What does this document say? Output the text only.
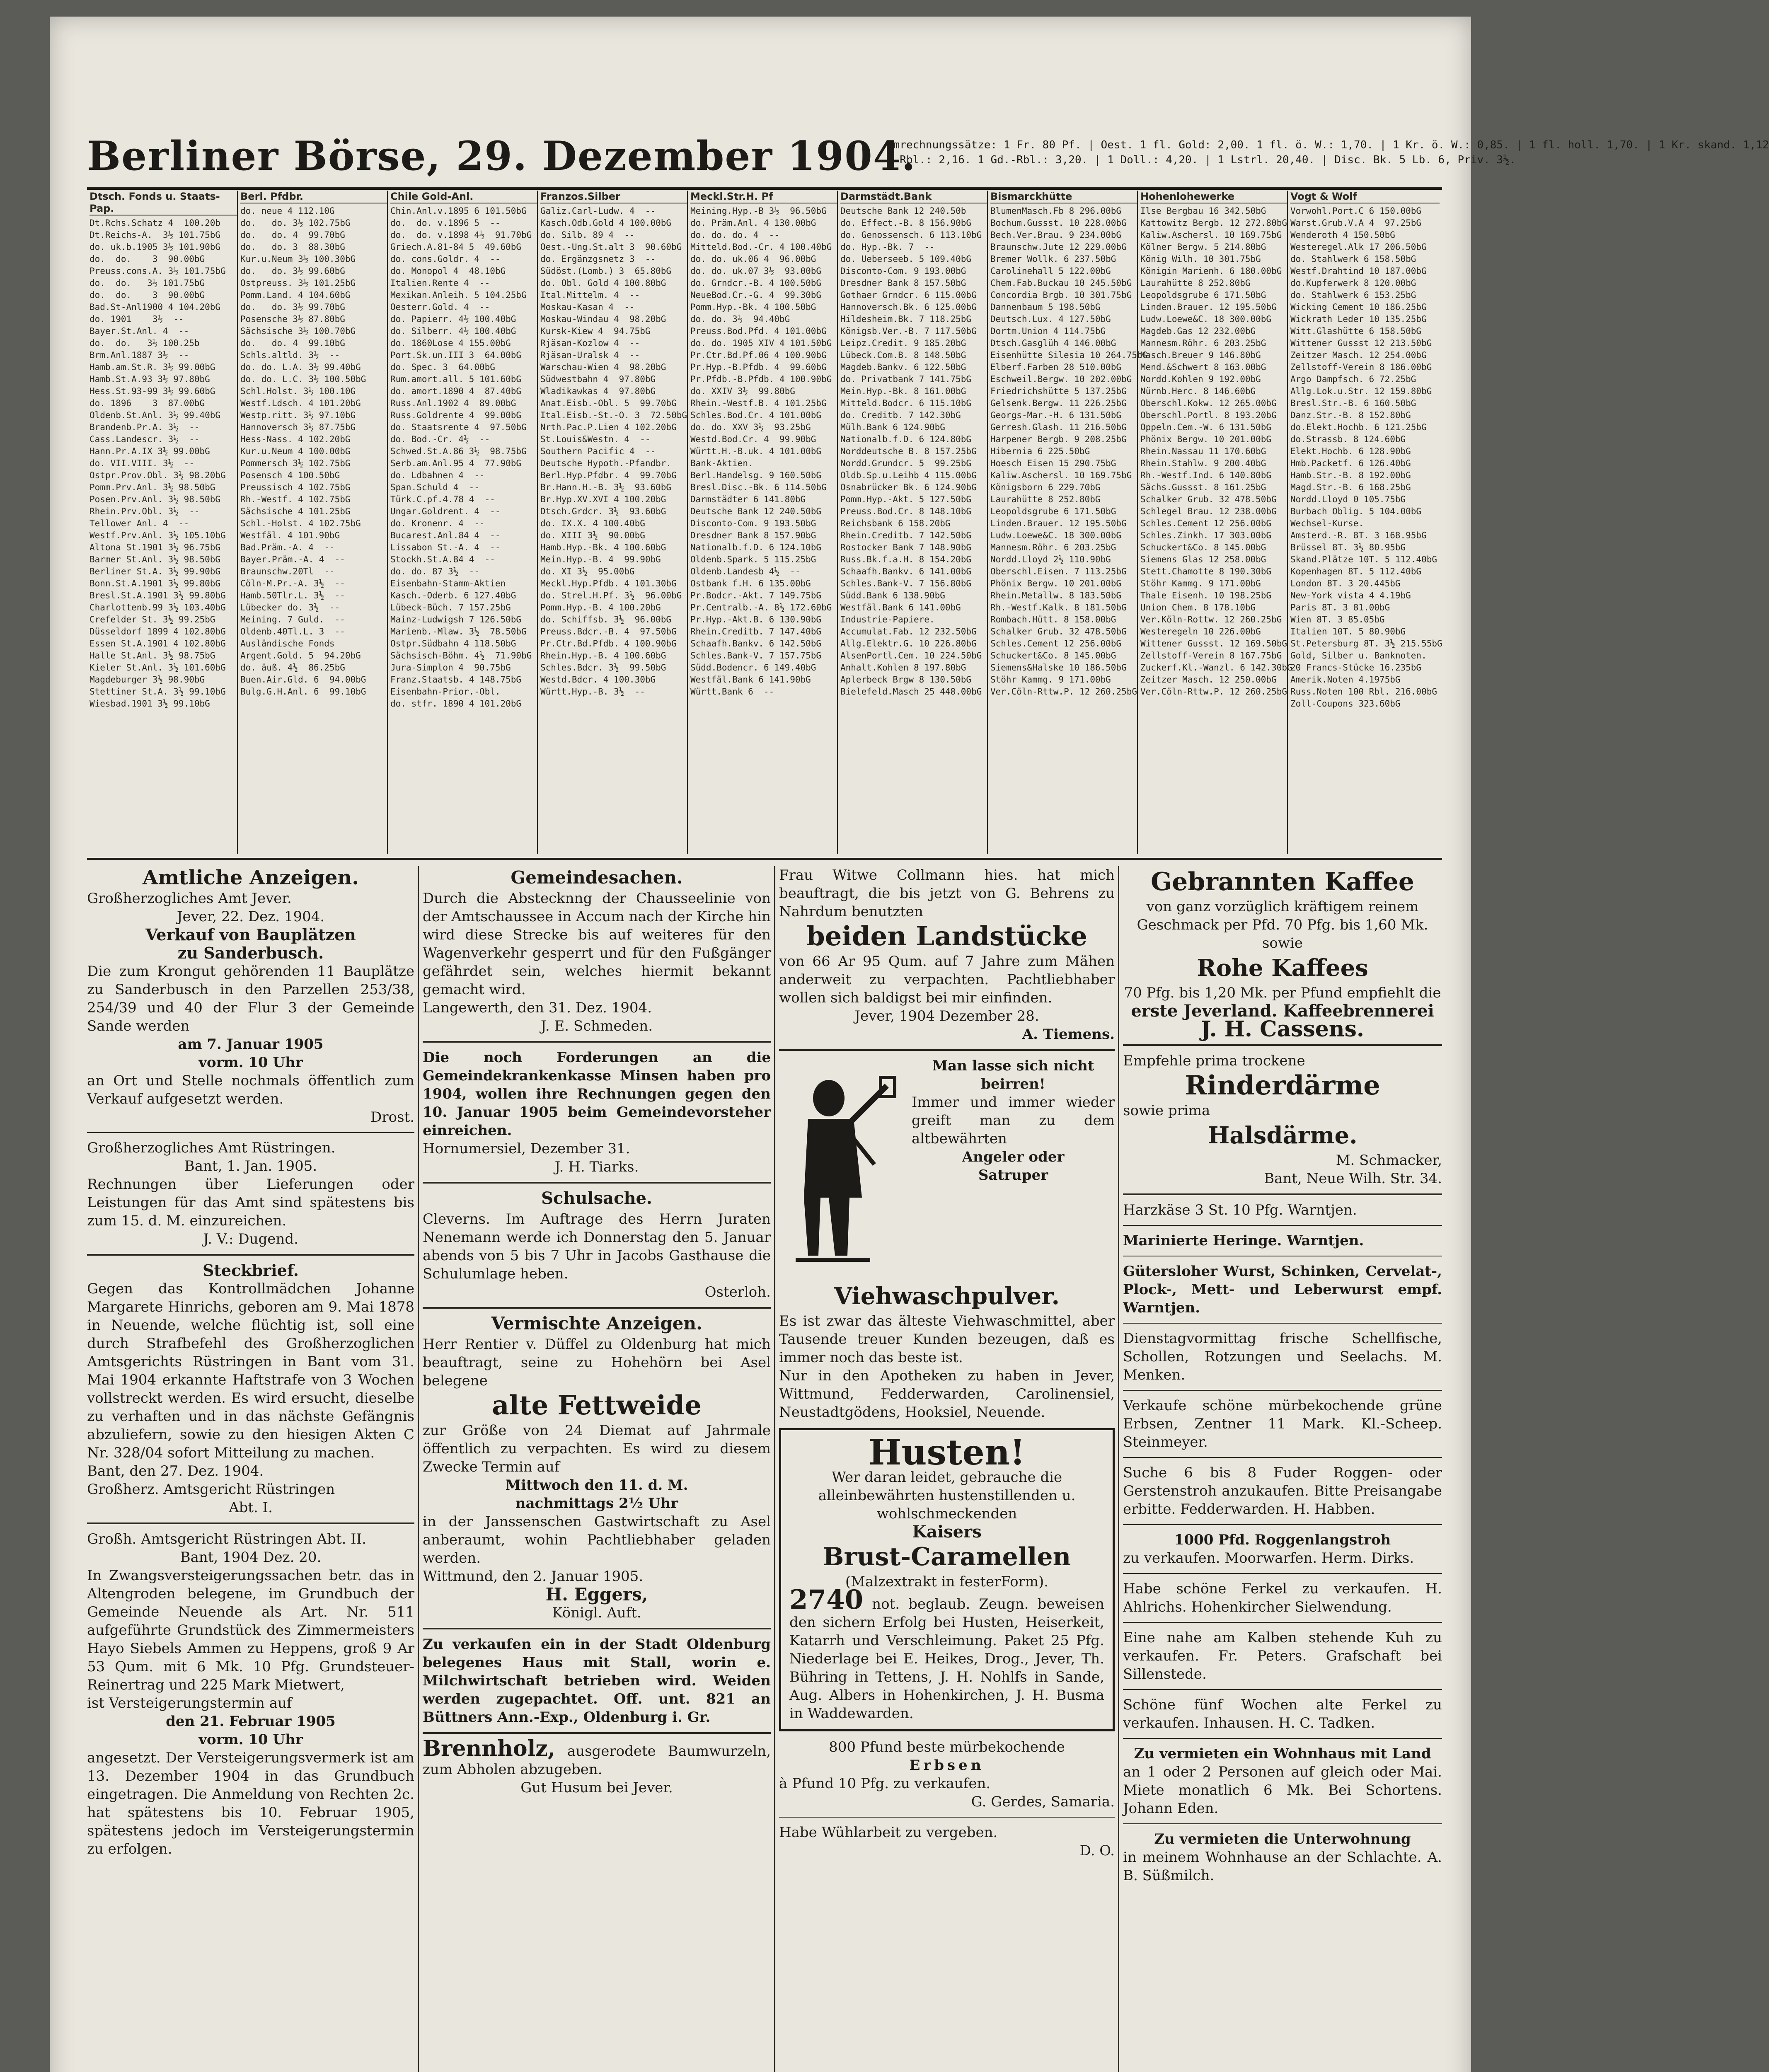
Berliner Börse, 29. Dezember 1904.
Umrechnungssätze: 1 Fr. 80 Pf. | Oest. 1 fl. Gold: 2,00. 1 fl. ö. W.: 1,70. | 1 Kr. ö. W.: 0,85. | 1 fl. holl. 1,70. | 1 Kr. skand. 1,12
1 Rbl.: 2,16. 1 Gd.-Rbl.: 3,20. | 1 Doll.: 4,20. | 1 Lstrl. 20,40. | Disc. Bk. 5 Lb. 6, Priv. 3½.
Dtsch. Fonds u. Staats-Pap.
Dt.Rchs.Schatz 4  100.20b
Dt.Reichs-A.  3½ 101.75bG
do. uk.b.1905 3½ 101.90bG
do.  do.    3  90.00bG
Preuss.cons.A. 3½ 101.75bG
do.  do.   3½ 101.75bG
do.  do.    3  90.00bG
Bad.St-Anl1900 4 104.20bG
do. 1901    3½  --
Bayer.St.Anl. 4  --
do.  do.   3½ 100.25b
Brm.Anl.1887 3½  --
Hamb.am.St.R. 3½ 99.00bG
Hamb.St.A.93 3½ 97.80bG
Hess.St.93-99 3½ 99.60bG
do. 1896    3  87.00bG
Oldenb.St.Anl. 3½ 99.40bG
Brandenb.Pr.A. 3½  --
Cass.Landescr. 3½  --
Hann.Pr.A.IX 3½ 99.00bG
do. VII.VIII. 3½  --
Ostpr.Prov.Obl. 3½ 98.20bG
Pomm.Prv.Anl. 3½ 98.50bG
Posen.Prv.Anl. 3½ 98.50bG
Rhein.Prv.Obl. 3½  --
Tellower Anl. 4  --
Westf.Prv.Anl. 3½ 105.10bG
Altona St.1901 3½ 96.75bG
Barmer St.Anl. 3½ 98.50bG
Berliner St.A. 3½ 99.90bG
Bonn.St.A.1901 3½ 99.80bG
Bresl.St.A.1901 3½ 99.80bG
Charlottenb.99 3½ 103.40bG
Crefelder St. 3½ 99.25bG
Düsseldorf 1899 4 102.80bG
Essen St.A.1901 4 102.80bG
Halle St.Anl. 3½ 98.75bG
Kieler St.Anl. 3½ 101.60bG
Magdeburger 3½ 98.90bG
Stettiner St.A. 3½ 99.10bG
Wiesbad.1901 3½ 99.10bG
Berl. Pfdbr.
do. neue 4 112.10G
do.   do. 3½ 102.75bG
do.   do. 4  99.70bG
do.   do. 3  88.30bG
Kur.u.Neum 3½ 100.30bG
do.   do. 3½ 99.60bG
Ostpreuss. 3½ 101.25bG
Pomm.Land. 4 104.60bG
do.   do. 3½ 99.70bG
Posensche 3½ 87.80bG
Sächsische 3½ 100.70bG
do.   do. 4  99.10bG
Schls.altld. 3½  --
do. do. L.A. 3½ 99.40bG
do. do. L.C. 3½ 100.50bG
Schl.Holst. 3½ 100.10G
Westf.Ldsch. 4 101.20bG
Westp.ritt. 3½ 97.10bG
Hannoversch 3½ 87.75bG
Hess-Nass. 4 102.20bG
Kur.u.Neum 4 100.00bG
Pommersch 3½ 102.75bG
Posensch 4 100.50bG
Preussisch 4 102.75bG
Rh.-Westf. 4 102.75bG
Sächsische 4 101.25bG
Schl.-Holst. 4 102.75bG
Westfäl. 4 101.90bG
Bad.Präm.-A. 4  --
Bayer.Präm.-A. 4  --
Braunschw.20Tl  --
Cöln-M.Pr.-A. 3½  --
Hamb.50Tlr.L. 3½  --
Lübecker do. 3½  --
Meining. 7 Guld.  --
Oldenb.40Tl.L. 3  --
Ausländische Fonds
Argent.Gold. 5  94.20bG
do. äuß. 4½  86.25bG
Buen.Air.Gld. 6  94.00bG
Bulg.G.H.Anl. 6  99.10bG
Chile Gold-Anl.
Chin.Anl.v.1895 6 101.50bG
do.  do. v.1896 5  --
do.  do. v.1898 4½  91.70bG
Griech.A.81-84 5  49.60bG
do. cons.Goldr. 4  --
do. Monopol 4  48.10bG
Italien.Rente 4  --
Mexikan.Anleih. 5 104.25bG
Oesterr.Gold. 4  --
do. Papierr. 4½ 100.40bG
do. Silberr. 4½ 100.40bG
do. 1860Lose 4 155.00bG
Port.Sk.un.III 3  64.00bG
do. Spec. 3  64.00bG
Rum.amort.all. 5 101.60bG
do. amort.1890 4  87.40bG
Russ.Anl.1902 4  89.00bG
Russ.Goldrente 4  99.00bG
do. Staatsrente 4  97.50bG
do. Bod.-Cr. 4½  --
Schwed.St.A.86 3½  98.75bG
Serb.am.Anl.95 4  77.90bG
do. Ldbahnen 4  --
Span.Schuld 4  --
Türk.C.pf.4.78 4  --
Ungar.Goldrent. 4  --
do. Kronenr. 4  --
Bucarest.Anl.84 4  --
Lissabon St.-A. 4  --
Stockh.St.A.84 4  --
do. do. 87 3½  --
Eisenbahn-Stamm-Aktien
Kasch.-Oderb. 6 127.40bG
Lübeck-Büch. 7 157.25bG
Mainz-Ludwigsh 7 126.50bG
Marienb.-Mlaw. 3½  78.50bG
Ostpr.Südbahn 4 118.50bG
Sächsisch-Böhm. 4½  71.90bG
Jura-Simplon 4  90.75bG
Franz.Staatsb. 4 148.75bG
Eisenbahn-Prior.-Obl.
do. stfr. 1890 4 101.20bG
Franzos.Silber
Galiz.Carl-Ludw. 4  --
Kasch.Odb.Gold 4 100.00bG
do. Silb. 89 4  --
Oest.-Ung.St.alt 3  90.60bG
do. Ergänzgsnetz 3  --
Südöst.(Lomb.) 3  65.80bG
do. Obl. Gold 4 100.80bG
Ital.Mittelm. 4  --
Moskau-Kasan 4  --
Moskau-Windau 4  98.20bG
Kursk-Kiew 4  94.75bG
Rjäsan-Kozlow 4  --
Rjäsan-Uralsk 4  --
Warschau-Wien 4  98.20bG
Südwestbahn 4  97.80bG
Wladikawkas 4  97.80bG
Anat.Eisb.-Obl. 5  99.70bG
Ital.Eisb.-St.-O. 3  72.50bG
Nrth.Pac.P.Lien 4 102.20bG
St.Louis&Westn. 4  --
Southern Pacific 4  --
Deutsche Hypoth.-Pfandbr.
Berl.Hyp.Pfdbr. 4  99.70bG
Br.Hann.H.-B. 3½  93.60bG
Br.Hyp.XV.XVI 4 100.20bG
Dtsch.Grdcr. 3½  93.60bG
do. IX.X. 4 100.40bG
do. XIII 3½  90.00bG
Hamb.Hyp.-Bk. 4 100.60bG
Mein.Hyp.-B. 4  99.90bG
do. XI 3½  95.00bG
Meckl.Hyp.Pfdb. 4 101.30bG
do. Strel.H.Pf. 3½  96.00bG
Pomm.Hyp.-B. 4 100.20bG
do. Schiffsb. 3½  96.00bG
Preuss.Bdcr.-B. 4  97.50bG
Pr.Ctr.Bd.Pfdb. 4 100.90bG
Rhein.Hyp.-B. 4 100.60bG
Schles.Bdcr. 3½  99.50bG
Westd.Bdcr. 4 100.30bG
Württ.Hyp.-B. 3½  --
Meckl.Str.H. Pf
Meining.Hyp.-B 3½  96.50bG
do. Präm.Anl. 4 130.00bG
do. do. do. 4  --
Mitteld.Bod.-Cr. 4 100.40bG
do. do. uk.06 4  96.00bG
do. do. uk.07 3½  93.00bG
do. Grndcr.-B. 4 100.50bG
NeueBod.Cr.-G. 4  99.30bG
Pomm.Hyp.-Bk. 4 100.50bG
do. do. 3½  94.40bG
Preuss.Bod.Pfd. 4 101.00bG
do. do. 1905 XIV 4 101.50bG
Pr.Ctr.Bd.Pf.06 4 100.90bG
Pr.Hyp.-B.Pfdb. 4  99.60bG
Pr.Pfdb.-B.Pfdb. 4 100.90bG
do. XXIV 3½  99.80bG
Rhein.-Westf.B. 4 101.25bG
Schles.Bod.Cr. 4 101.00bG
do. do. XXV 3½  93.25bG
Westd.Bod.Cr. 4  99.90bG
Württ.H.-B.uk. 4 101.00bG
Bank-Aktien.
Berl.Handelsg. 9 160.50bG
Bresl.Disc.-Bk. 6 114.50bG
Darmstädter 6 141.80bG
Deutsche Bank 12 240.50bG
Disconto-Com. 9 193.50bG
Dresdner Bank 8 157.90bG
Nationalb.f.D. 6 124.10bG
Oldenb.Spark. 5 115.25bG
Oldenb.Landesb 4½  --
Ostbank f.H. 6 135.00bG
Pr.Bodcr.-Akt. 7 149.75bG
Pr.Centralb.-A. 8½ 172.60bG
Pr.Hyp.-Akt.B. 6 130.90bG
Rhein.Creditb. 7 147.40bG
Schaafh.Bankv. 6 142.50bG
Schles.Bank-V. 7 157.75bG
Südd.Bodencr. 6 149.40bG
Westfäl.Bank 6 141.90bG
Württ.Bank 6  --
Darmstädt.Bank
Deutsche Bank 12 240.50b
do. Effect.-B. 8 156.90bG
do. Genossensch. 6 113.10bG
do. Hyp.-Bk. 7  --
do. Ueberseeb. 5 109.40bG
Disconto-Com. 9 193.00bG
Dresdner Bank 8 157.50bG
Gothaer Grndcr. 6 115.00bG
Hannoversch.Bk. 6 125.00bG
Hildesheim.Bk. 7 118.25bG
Königsb.Ver.-B. 7 117.50bG
Leipz.Credit. 9 185.20bG
Lübeck.Com.B. 8 148.50bG
Magdeb.Bankv. 6 122.50bG
do. Privatbank 7 141.75bG
Mein.Hyp.-Bk. 8 161.00bG
Mitteld.Bodcr. 6 115.10bG
do. Creditb. 7 142.30bG
Mülh.Bank 6 124.90bG
Nationalb.f.D. 6 124.80bG
Norddeutsche B. 8 157.25bG
Nordd.Grundcr. 5  99.25bG
Oldb.Sp.u.Leihb 4 115.00bG
Osnabrücker Bk. 6 124.90bG
Pomm.Hyp.-Akt. 5 127.50bG
Preuss.Bod.Cr. 8 148.10bG
Reichsbank 6 158.20bG
Rhein.Creditb. 7 142.50bG
Rostocker Bank 7 148.90bG
Russ.Bk.f.a.H. 8 154.20bG
Schaafh.Bankv. 6 141.00bG
Schles.Bank-V. 7 156.80bG
Südd.Bank 6 138.90bG
Westfäl.Bank 6 141.00bG
Industrie-Papiere.
Accumulat.Fab. 12 232.50bG
Allg.Elektr.G. 10 226.80bG
AlsenPortl.Cem. 10 224.50bG
Anhalt.Kohlen 8 197.80bG
Aplerbeck Brgw 8 130.50bG
Bielefeld.Masch 25 448.00bG
Bismarckhütte
BlumenMasch.Fb 8 296.00bG
Bochum.Gussst. 10 228.00bG
Bech.Ver.Brau. 9 234.00bG
Braunschw.Jute 12 229.00bG
Bremer Wollk. 6 237.50bG
Carolinehall 5 122.00bG
Chem.Fab.Buckau 10 245.50bG
Concordia Brgb. 10 301.75bG
Dannenbaum 5 198.50bG
Deutsch.Lux. 4 127.50bG
Dortm.Union 4 114.75bG
Dtsch.Gasglüh 4 146.00bG
Eisenhütte Silesia 10 264.75bG
Elberf.Farben 28 510.00bG
Eschweil.Bergw. 10 202.00bG
Friedrichshütte 5 137.25bG
Gelsenk.Bergw. 11 226.25bG
Georgs-Mar.-H. 6 131.50bG
Gerresh.Glash. 11 216.50bG
Harpener Bergb. 9 208.25bG
Hibernia 6 225.50bG
Hoesch Eisen 15 290.75bG
Kaliw.Aschersl. 10 169.75bG
Königsborn 6 229.70bG
Laurahütte 8 252.80bG
Leopoldsgrube 6 171.50bG
Linden.Brauer. 12 195.50bG
Ludw.Loewe&C. 18 300.00bG
Mannesm.Röhr. 6 203.25bG
Nordd.Lloyd 2½ 110.90bG
Oberschl.Eisen. 7 113.25bG
Phönix Bergw. 10 201.00bG
Rhein.Metallw. 8 183.50bG
Rh.-Westf.Kalk. 8 181.50bG
Rombach.Hütt. 8 158.00bG
Schalker Grub. 32 478.50bG
Schles.Cement 12 256.00bG
Schuckert&Co. 8 145.00bG
Siemens&Halske 10 186.50bG
Stöhr Kammg. 9 171.00bG
Ver.Cöln-Rttw.P. 12 260.25bG
Hohenlohewerke
Ilse Bergbau 16 342.50bG
Kattowitz Bergb. 12 272.80bG
Kaliw.Aschersl. 10 169.75bG
Kölner Bergw. 5 214.80bG
König Wilh. 10 301.75bG
Königin Marienh. 6 180.00bG
Laurahütte 8 252.80bG
Leopoldsgrube 6 171.50bG
Linden.Brauer. 12 195.50bG
Ludw.Loewe&C. 18 300.00bG
Magdeb.Gas 12 232.00bG
Mannesm.Röhr. 6 203.25bG
Masch.Breuer 9 146.80bG
Mend.&Schwert 8 163.00bG
Nordd.Kohlen 9 192.00bG
Nürnb.Herc. 8 146.60bG
Oberschl.Kokw. 12 265.00bG
Oberschl.Portl. 8 193.20bG
Oppeln.Cem.-W. 6 131.50bG
Phönix Bergw. 10 201.00bG
Rhein.Nassau 11 170.60bG
Rhein.Stahlw. 9 200.40bG
Rh.-Westf.Ind. 6 140.80bG
Sächs.Gussst. 8 161.25bG
Schalker Grub. 32 478.50bG
Schlegel Brau. 12 238.00bG
Schles.Cement 12 256.00bG
Schles.Zinkh. 17 303.00bG
Schuckert&Co. 8 145.00bG
Siemens Glas 12 258.00bG
Stett.Chamotte 8 190.30bG
Stöhr Kammg. 9 171.00bG
Thale Eisenh. 10 198.25bG
Union Chem. 8 178.10bG
Ver.Köln-Rottw. 12 260.25bG
Westeregeln 10 226.00bG
Wittener Gussst. 12 169.50bG
Zellstoff-Verein 8 167.75bG
Zuckerf.Kl.-Wanzl. 6 142.30bG
Zeitzer Masch. 12 250.00bG
Ver.Cöln-Rttw.P. 12 260.25bG
Vogt & Wolf
Vorwohl.Port.C 6 150.00bG
Warst.Grub.V.A 4  97.25bG
Wenderoth 4 150.50bG
Westeregel.Alk 17 206.50bG
do. Stahlwerk 6 158.50bG
Westf.Drahtind 10 187.00bG
do.Kupferwerk 8 120.00bG
do. Stahlwerk 6 153.25bG
Wicking Cement 10 186.25bG
Wickrath Leder 10 135.25bG
Witt.Glashütte 6 158.50bG
Wittener Gussst 12 213.50bG
Zeitzer Masch. 12 254.00bG
Zellstoff-Verein 8 186.00bG
Argo Dampfsch. 6 72.25bG
Allg.Lok.u.Str. 12 159.80bG
Bresl.Str.-B. 6 160.50bG
Danz.Str.-B. 8 152.80bG
do.Elekt.Hochb. 6 121.25bG
do.Strassb. 8 124.60bG
Elekt.Hochb. 6 128.90bG
Hmb.Packetf. 6 126.40bG
Hamb.Str.-B. 8 192.00bG
Magd.Str.-B. 6 168.25bG
Nordd.Lloyd 0 105.75bG
Burbach Oblig. 5 104.00bG
Wechsel-Kurse.
Amsterd.-R. 8T. 3 168.95bG
Brüssel 8T. 3½ 80.95bG
Skand.Plätze 10T. 5 112.40bG
Kopenhagen 8T. 5 112.40bG
London 8T. 3 20.445bG
New-York vista 4 4.19bG
Paris 8T. 3 81.00bG
Wien 8T. 3 85.05bG
Italien 10T. 5 80.90bG
St.Petersburg 8T. 3½ 215.55bG
Gold, Silber u. Banknoten.
20 Francs-Stücke 16.235bG
Amerik.Noten 4.1975bG
Russ.Noten 100 Rbl. 216.00bG
Zoll-Coupons 323.60bG
Amtliche Anzeigen.

Großherzogliches Amt Jever.

Jever, 22. Dez. 1904.

Verkauf von Bauplätzen

zu Sanderbusch.

Die zum Krongut gehörenden 11 Bauplätze zu Sanderbusch in den Parzellen 253/38, 254/39 und 40 der Flur 3 der Gemeinde Sande werden

am 7. Januar 1905

vorm. 10 Uhr

an Ort und Stelle nochmals öffentlich zum Verkauf aufgesetzt werden.

Drost.

Großherzogliches Amt Rüstringen.

Bant, 1. Jan. 1905.

Rechnungen über Lieferungen oder Leistungen für das Amt sind spätestens bis zum 15. d. M. einzureichen.

J. V.: Dugend.

Steckbrief.

Gegen das Kontrollmädchen Johanne Margarete Hinrichs, geboren am 9. Mai 1878 in Neuende, welche flüchtig ist, soll eine durch Strafbefehl des Großherzoglichen Amtsgerichts Rüstringen in Bant vom 31. Mai 1904 erkannte Haftstrafe von 3 Wochen vollstreckt werden. Es wird ersucht, dieselbe zu verhaften und in das nächste Gefängnis abzuliefern, sowie zu den hiesigen Akten C Nr. 328/04 sofort Mitteilung zu machen.

Bant, den 27. Dez. 1904.

Großherz. Amtsgericht Rüstringen

Abt. I.

Großh. Amtsgericht Rüstringen Abt. II.

Bant, 1904 Dez. 20.

In Zwangsversteigerungssachen betr. das in Altengroden belegene, im Grundbuch der Gemeinde Neuende als Art. Nr. 511 aufgeführte Grundstück des Zimmermeisters Hayo Siebels Ammen zu Heppens, groß 9 Ar 53 Qum. mit 6 Mk. 10 Pfg. Grundsteuer-Reinertrag und 225 Mark Mietwert,

ist Versteigerungstermin auf

den 21. Februar 1905

vorm. 10 Uhr

angesetzt. Der Versteigerungsvermerk ist am 13. Dezember 1904 in das Grundbuch eingetragen. Die Anmeldung von Rechten 2c. hat spätestens bis 10. Februar 1905, spätestens jedoch im Versteigerungstermin zu erfolgen.

Gemeindesachen.

Durch die Abstecknng der Chausseelinie von der Amtschaussee in Accum nach der Kirche hin wird diese Strecke bis auf weiteres für den Wagenverkehr gesperrt und für den Fußgänger gefährdet sein, welches hiermit bekannt gemacht wird.

Langewerth, den 31. Dez. 1904.

J. E. Schmeden.

Die noch Forderungen an die Gemeindekrankenkasse Minsen haben pro 1904, wollen ihre Rechnungen gegen den 10. Januar 1905 beim Gemeindevorsteher einreichen.

Hornumersiel, Dezember 31.

J. H. Tiarks.

Schulsache.

Cleverns. Im Auftrage des Herrn Juraten Nenemann werde ich Donnerstag den 5. Januar abends von 5 bis 7 Uhr in Jacobs Gasthause die Schulumlage heben.

Osterloh.

Vermischte Anzeigen.

Herr Rentier v. Düffel zu Oldenburg hat mich beauftragt, seine zu Hohehörn bei Asel belegene

alte Fettweide

zur Größe von 24 Diemat auf Jahrmale öffentlich zu verpachten. Es wird zu diesem Zwecke Termin auf

Mittwoch den 11. d. M.

nachmittags 2½ Uhr

in der Janssenschen Gastwirtschaft zu Asel anberaumt, wohin Pachtliebhaber geladen werden.

Wittmund, den 2. Januar 1905.

H. Eggers,

Königl. Auft.

Zu verkaufen ein in der Stadt Oldenburg belegenes Haus mit Stall, worin e. Milchwirtschaft betrieben wird. Weiden werden zugepachtet. Off. unt. 821 an Büttners Ann.-Exp., Oldenburg i. Gr.

Brennholz, ausgerodete Baumwurzeln, zum Abholen abzugeben.

Gut Husum bei Jever.

Frau Witwe Collmann hies. hat mich beauftragt, die bis jetzt von G. Behrens zu Nahrdum benutzten

beiden Landstücke

von 66 Ar 95 Qum. auf 7 Jahre zum Mähen anderweit zu verpachten. Pachtliebhaber wollen sich baldigst bei mir einfinden.

Jever, 1904 Dezember 28.

A. Tiemens.

Man lasse sich nicht

beirren!

Immer und immer wieder greift man zu dem altbewährten

Angeler oder

Satruper

Viehwaschpulver.

Es ist zwar das älteste Viehwaschmittel, aber Tausende treuer Kunden bezeugen, daß es immer noch das beste ist.

Nur in den Apotheken zu haben in Jever, Wittmund, Fedderwarden, Carolinensiel, Neustadtgödens, Hooksiel, Neuende.

Husten!

Wer daran leidet, gebrauche die alleinbewährten hustenstillenden u. wohlschmeckenden

Kaisers

Brust-Caramellen

(Malzextrakt in festerForm).

2740 not. beglaub. Zeugn. beweisen den sichern Erfolg bei Husten, Heiserkeit, Katarrh und Verschleimung. Paket 25 Pfg. Niederlage bei E. Heikes, Drog., Jever, Th. Bühring in Tettens, J. H. Nohlfs in Sande, Aug. Albers in Hohenkirchen, J. H. Busma in Waddewarden.

800 Pfund beste mürbekochende

Erbsen

à Pfund 10 Pfg. zu verkaufen.

G. Gerdes, Samaria.

Habe Wühlarbeit zu vergeben.

D. O.

Gebrannten Kaffee

von ganz vorzüglich kräftigem reinem Geschmack per Pfd. 70 Pfg. bis 1,60 Mk. sowie

Rohe Kaffees

70 Pfg. bis 1,20 Mk. per Pfund empfiehlt die

erste Jeverland. Kaffeebrennerei

J. H. Cassens.

Empfehle prima trockene

Rinderdärme

sowie prima

Halsdärme.

M. Schmacker,

Bant, Neue Wilh. Str. 34.

Harzkäse 3 St. 10 Pfg. Warntjen.

Marinierte Heringe. Warntjen.

Gütersloher Wurst, Schinken, Cervelat-, Plock-, Mett- und Leberwurst empf. Warntjen.

Dienstagvormittag frische Schellfische, Schollen, Rotzungen und Seelachs. M. Menken.

Verkaufe schöne mürbekochende grüne Erbsen, Zentner 11 Mark. Kl.-Scheep. Steinmeyer.

Suche 6 bis 8 Fuder Roggen- oder Gerstenstroh anzukaufen. Bitte Preisangabe erbitte. Fedderwarden. H. Habben.

1000 Pfd. Roggenlangstroh

zu verkaufen. Moorwarfen. Herm. Dirks.

Habe schöne Ferkel zu verkaufen. H. Ahlrichs. Hohenkircher Sielwendung.

Eine nahe am Kalben stehende Kuh zu verkaufen. Fr. Peters. Grafschaft bei Sillenstede.

Schöne fünf Wochen alte Ferkel zu verkaufen. Inhausen. H. C. Tadken.

Zu vermieten ein Wohnhaus mit Land

an 1 oder 2 Personen auf gleich oder Mai. Miete monatlich 6 Mk. Bei Schortens. Johann Eden.

Zu vermieten die Unterwohnung

in meinem Wohnhause an der Schlachte. A. B. Süßmilch.
